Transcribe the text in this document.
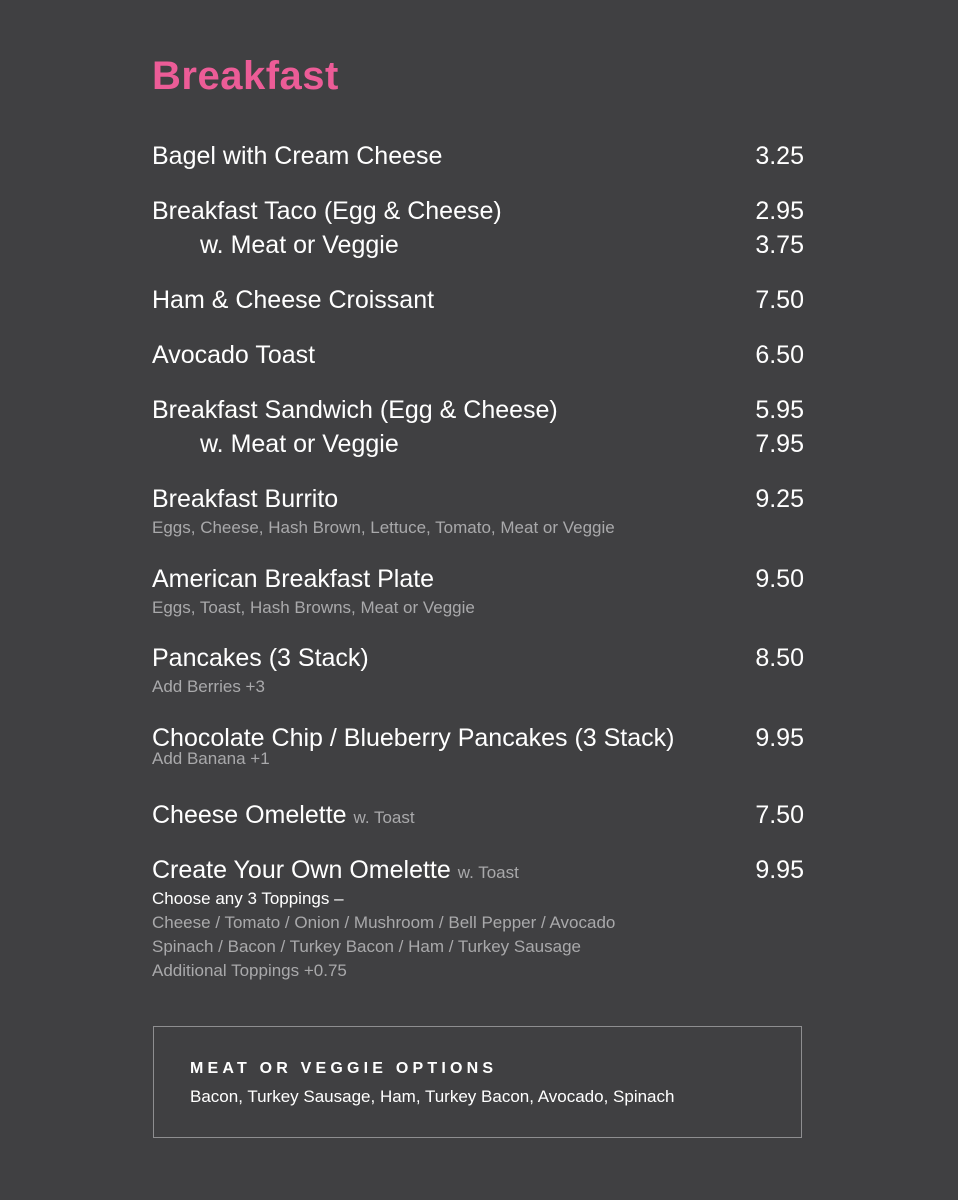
Breakfast
Bagel with Cream Cheese	3.25
Breakfast Taco (Egg & Cheese)	2.95
w. Meat or Veggie	3.75
Ham & Cheese Croissant	7.50
Avocado Toast	6.50
Breakfast Sandwich (Egg & Cheese)	5.95
w. Meat or Veggie	7.95
Breakfast Burrito	9.25
Eggs, Cheese, Hash Brown, Lettuce, Tomato, Meat or Veggie
American Breakfast Plate	9.50
Eggs, Toast, Hash Browns, Meat or Veggie
Pancakes (3 Stack)	8.50
Add Berries +3
Chocolate Chip / Blueberry Pancakes (3 Stack)	9.95
Add Banana +1
Cheese Omelette w. Toast	7.50
Create Your Own Omelette w. Toast	9.95
Choose any 3 Toppings –
Cheese / Tomato / Onion / Mushroom / Bell Pepper / Avocado
Spinach / Bacon / Turkey Bacon / Ham / Turkey Sausage
Additional Toppings +0.75
MEAT OR VEGGIE OPTIONS
Bacon, Turkey Sausage, Ham, Turkey Bacon, Avocado, Spinach
